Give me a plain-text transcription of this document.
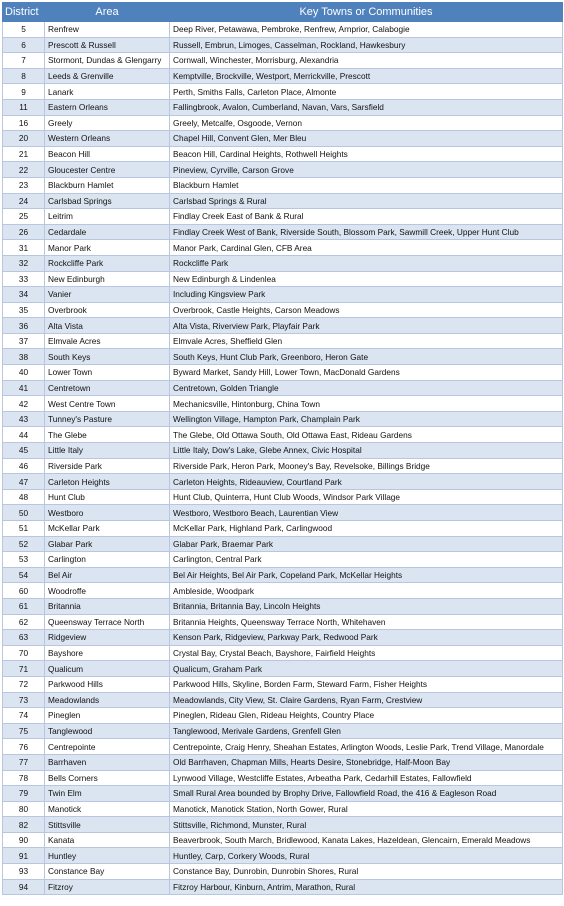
District	Area	Key Towns or Communities
5	Renfrew	Deep River, Petawawa, Pembroke, Renfrew, Arnprior, Calabogie
6	Prescott & Russell	Russell, Embrun, Limoges, Casselman, Rockland, Hawkesbury
7	Stormont, Dundas & Glengarry	Cornwall, Winchester, Morrisburg, Alexandria
8	Leeds & Grenville	Kemptville, Brockville, Westport, Merrickville, Prescott
9	Lanark	Perth, Smiths Falls, Carleton Place, Almonte
11	Eastern Orleans	Fallingbrook, Avalon, Cumberland, Navan, Vars, Sarsfield
16	Greely	Greely, Metcalfe, Osgoode, Vernon
20	Western Orleans	Chapel Hill, Convent Glen, Mer Bleu
21	Beacon Hill	Beacon Hill, Cardinal Heights, Rothwell Heights
22	Gloucester Centre	Pineview, Cyrville, Carson Grove
23	Blackburn Hamlet	Blackburn Hamlet
24	Carlsbad Springs	Carlsbad Springs & Rural
25	Leitrim	Findlay Creek East of Bank & Rural
26	Cedardale	Findlay Creek West of Bank, Riverside South, Blossom Park, Sawmill Creek, Upper Hunt Club
31	Manor Park	Manor Park, Cardinal Glen, CFB Area
32	Rockcliffe Park	Rockcliffe Park
33	New Edinburgh	New Edinburgh & Lindenlea
34	Vanier	Including Kingsview Park
35	Overbrook	Overbrook, Castle Heights, Carson Meadows
36	Alta Vista	Alta Vista, Riverview Park, Playfair Park
37	Elmvale Acres	Elmvale Acres, Sheffield Glen
38	South Keys	South Keys, Hunt Club Park, Greenboro, Heron Gate
40	Lower Town	Byward Market, Sandy Hill, Lower Town, MacDonald Gardens
41	Centretown	Centretown, Golden Triangle
42	West Centre Town	Mechanicsville, Hintonburg, China Town
43	Tunney's Pasture	Wellington Village, Hampton Park, Champlain Park
44	The Glebe	The Glebe, Old Ottawa South, Old Ottawa East, Rideau Gardens
45	Little Italy	Little Italy, Dow's Lake, Glebe Annex, Civic Hospital
46	Riverside Park	Riverside Park, Heron Park, Mooney's Bay, Revelsoke, Billings Bridge
47	Carleton Heights	Carleton Heights, Rideauview, Courtland Park
48	Hunt Club	Hunt Club, Quinterra, Hunt Club Woods, Windsor Park Village
50	Westboro	Westboro, Westboro Beach, Laurentian View
51	McKellar Park	McKellar Park, Highland Park, Carlingwood
52	Glabar Park	Glabar Park, Braemar Park
53	Carlington	Carlington, Central Park
54	Bel Air	Bel Air Heights, Bel Air Park, Copeland Park, McKellar Heights
60	Woodroffe	Ambleside, Woodpark
61	Britannia	Britannia, Britannia Bay, Lincoln Heights
62	Queensway Terrace North	Britannia Heights, Queensway Terrace North, Whitehaven
63	Ridgeview	Kenson Park, Ridgeview, Parkway Park, Redwood Park
70	Bayshore	Crystal Bay, Crystal Beach, Bayshore, Fairfield Heights
71	Qualicum	Qualicum, Graham Park
72	Parkwood Hills	Parkwood Hills, Skyline, Borden Farm, Steward Farm, Fisher Heights
73	Meadowlands	Meadowlands, City View, St. Claire Gardens, Ryan Farm, Crestview
74	Pineglen	Pineglen, Rideau Glen, Rideau Heights, Country Place
75	Tanglewood	Tanglewood, Merivale Gardens, Grenfell Glen
76	Centrepointe	Centrepointe, Craig Henry, Sheahan Estates, Arlington Woods, Leslie Park, Trend Village, Manordale
77	Barrhaven	Old Barrhaven, Chapman Mills, Hearts Desire, Stonebridge, Half-Moon Bay
78	Bells Corners	Lynwood Village, Westcliffe Estates, Arbeatha Park, Cedarhill Estates, Fallowfield
79	Twin Elm	Small Rural Area bounded by Brophy Drive, Fallowfield Road, the 416 & Eagleson Road
80	Manotick	Manotick, Manotick Station, North Gower, Rural
82	Stittsville	Stittsville, Richmond, Munster, Rural
90	Kanata	Beaverbrook, South March, Bridlewood, Kanata Lakes, Hazeldean, Glencairn, Emerald Meadows
91	Huntley	Huntley, Carp, Corkery Woods, Rural
93	Constance Bay	Constance Bay, Dunrobin, Dunrobin Shores, Rural
94	Fitzroy	Fitzroy Harbour, Kinburn, Antrim, Marathon, Rural
